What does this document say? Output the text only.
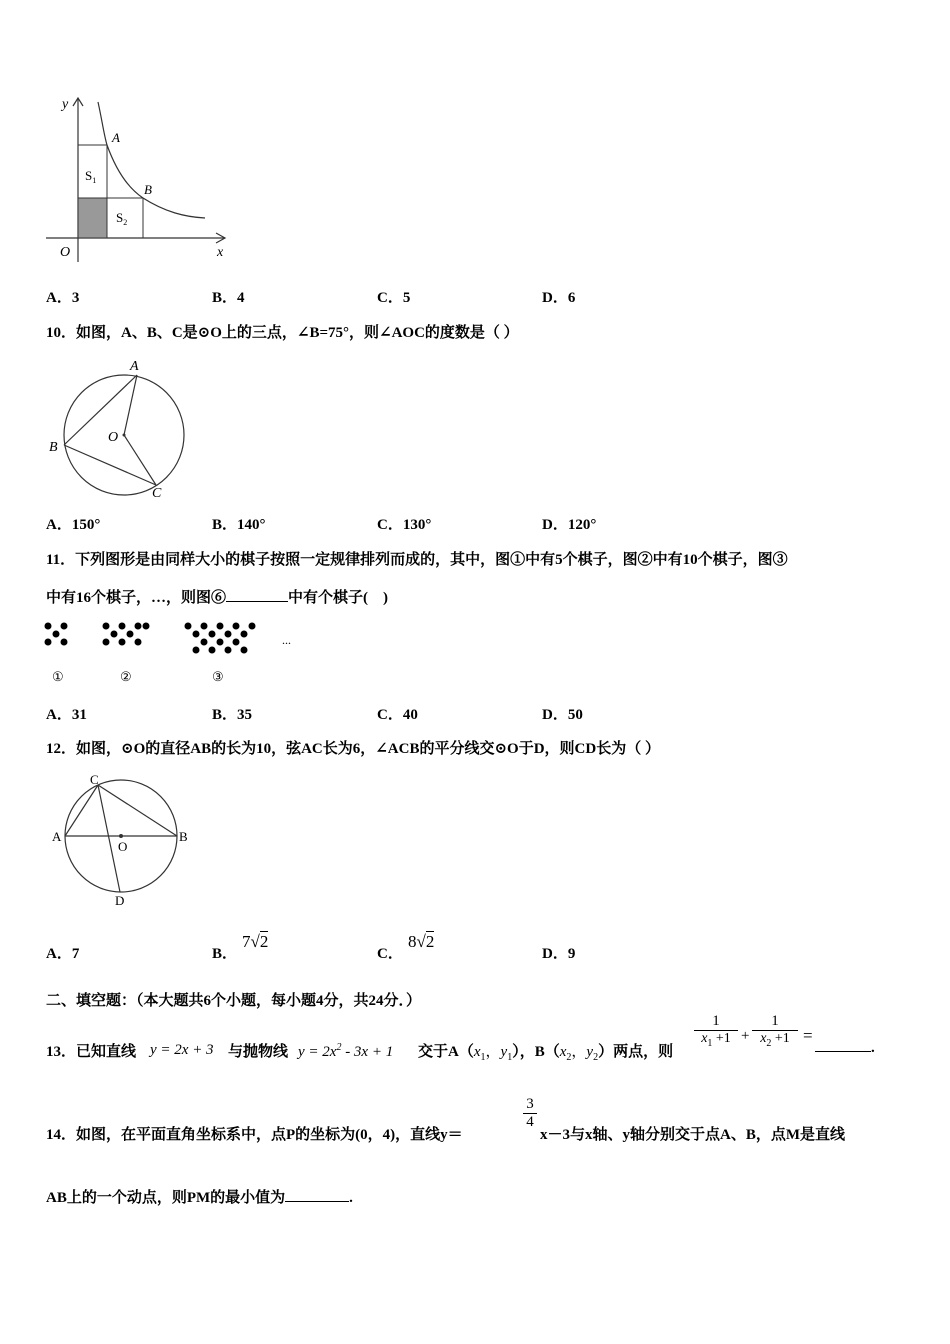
y
x
O
A
B
$S_1$
$S_2$
A．3	B．4	C．5	D．6
10．如图，A、B、C是⊙O上的三点，∠B=75°，则∠AOC的度数是（ ）
A
B
C
O
A．150°	B．140°	C．130°	D．120°
11．下列图形是由同样大小的棋子按照一定规律排列而成的，其中，图①中有5个棋子，图②中有10个棋子，图③
中有16个棋子，…，则图⑥	中有个棋子(　)
...
①	②	③
A．31	B．35	C．40	D．50
12．如图，⊙O的直径AB的长为10，弦AC长为6，∠ACB的平分线交⊙O于D，则CD长为（ ）
C
A	B
O
D
A．7	B．
7√2
C．
8√2
D．9
二、填空题：（本大题共6个小题，每小题4分，共24分．）
13．已知直线 y = 2x + 3 与抛物线 $y = 2x^2 - 3x + 1$ 交于$A(x_1$，$y_1$），$B(x_2$，$y_2$）两点，则
$\frac{1}{x_1 +1} + \frac{1}{x_2 +1}$ =
.
14．如图，在平面直角坐标系中，点P的坐标为(0，4)，直线y＝
$\frac{3}{4}$
x－3与x轴、y轴分别交于点A、B，点M是直线
AB上的一个动点，则PM的最小值为	.
